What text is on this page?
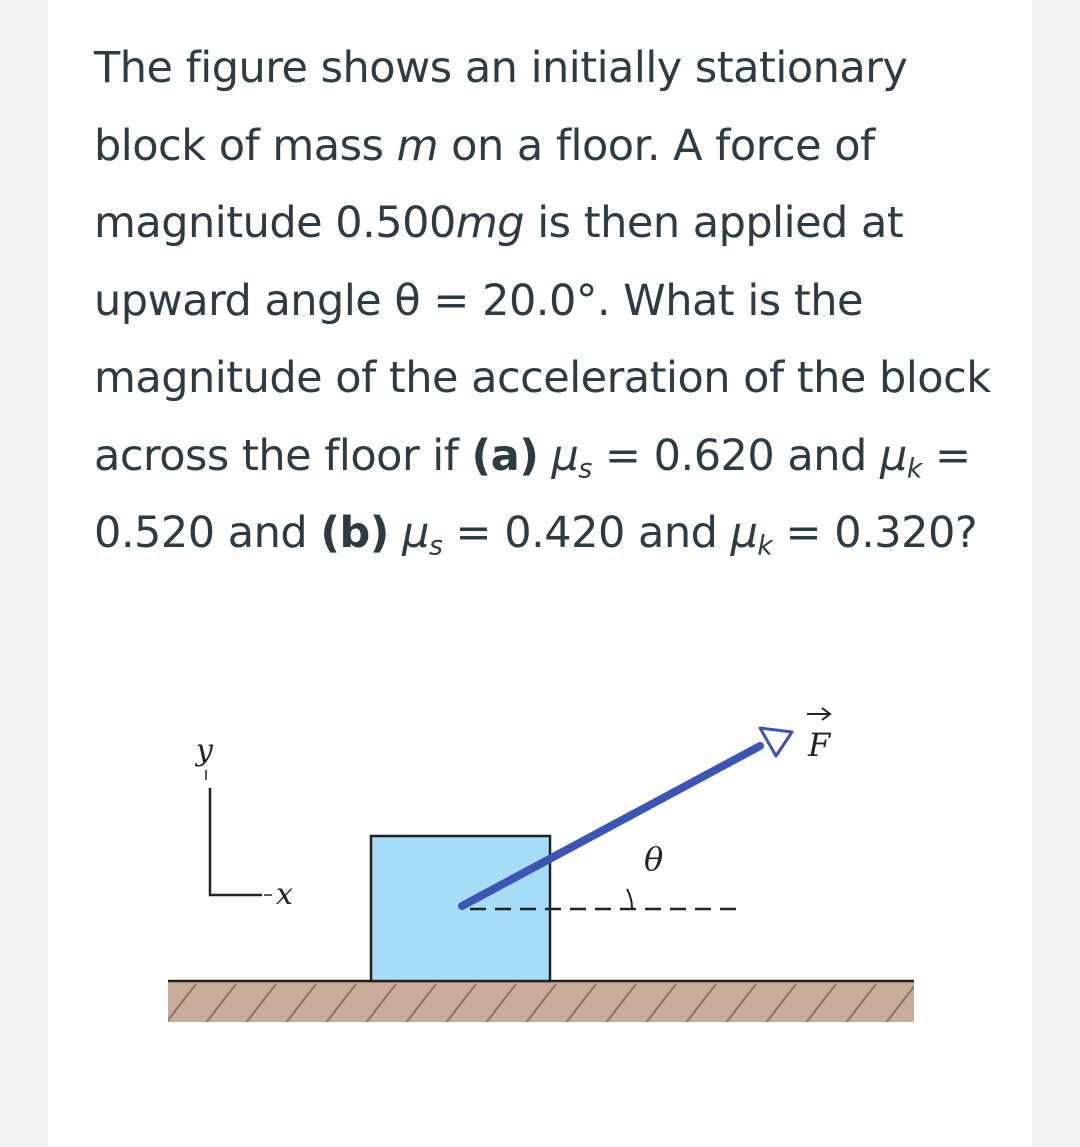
The figure shows an initially stationary block of mass m on a floor. A force of magnitude 0.500mg is then applied at upward angle θ = 20.0°. What is the magnitude of the acceleration of the block across the floor if (a) $\mu_s = 0.620$ and $\mu_k = 0.520$ and (b) $\mu_s = 0.420$ and $\mu_k = 0.320$?

y
x
θ
F
